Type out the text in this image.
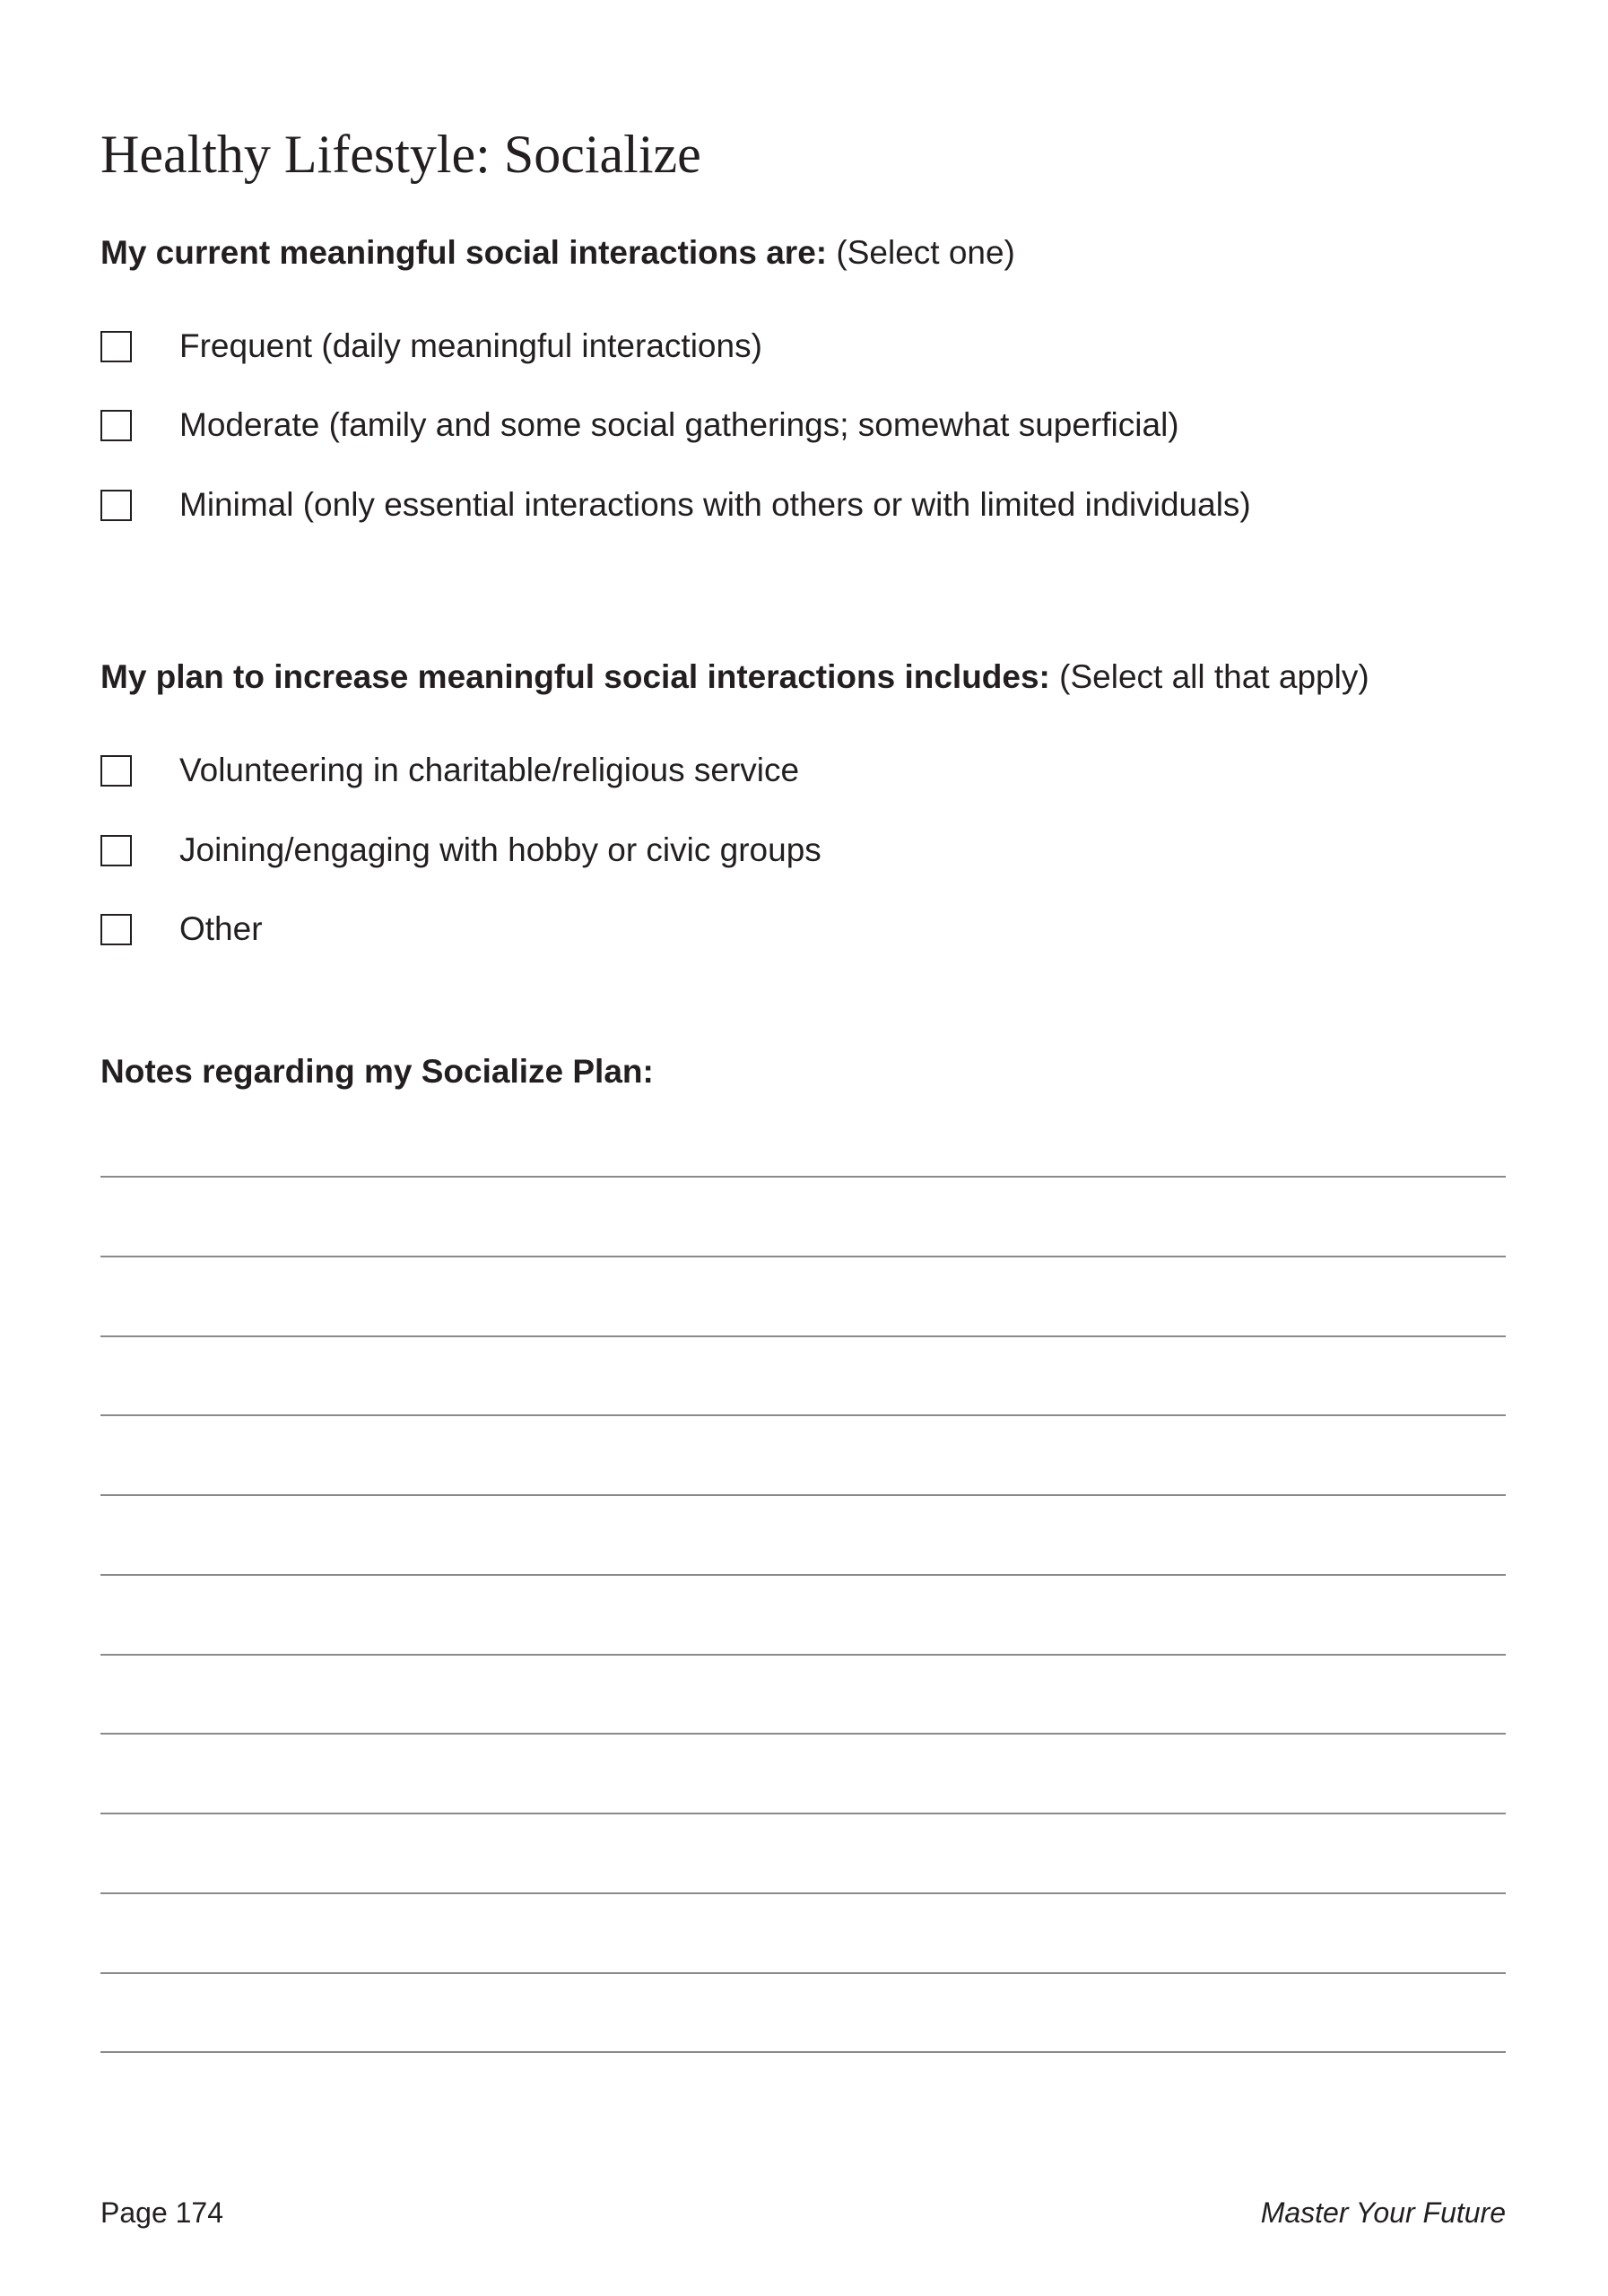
Healthy Lifestyle: Socialize

My current meaningful social interactions are: (Select one)

Frequent (daily meaningful interactions)
Moderate (family and some social gatherings; somewhat superficial)
Minimal (only essential interactions with others or with limited individuals)

My plan to increase meaningful social interactions includes: (Select all that apply)

Volunteering in charitable/religious service
Joining/engaging with hobby or civic groups
Other

Notes regarding my Socialize Plan:

Page 174	Master Your Future
